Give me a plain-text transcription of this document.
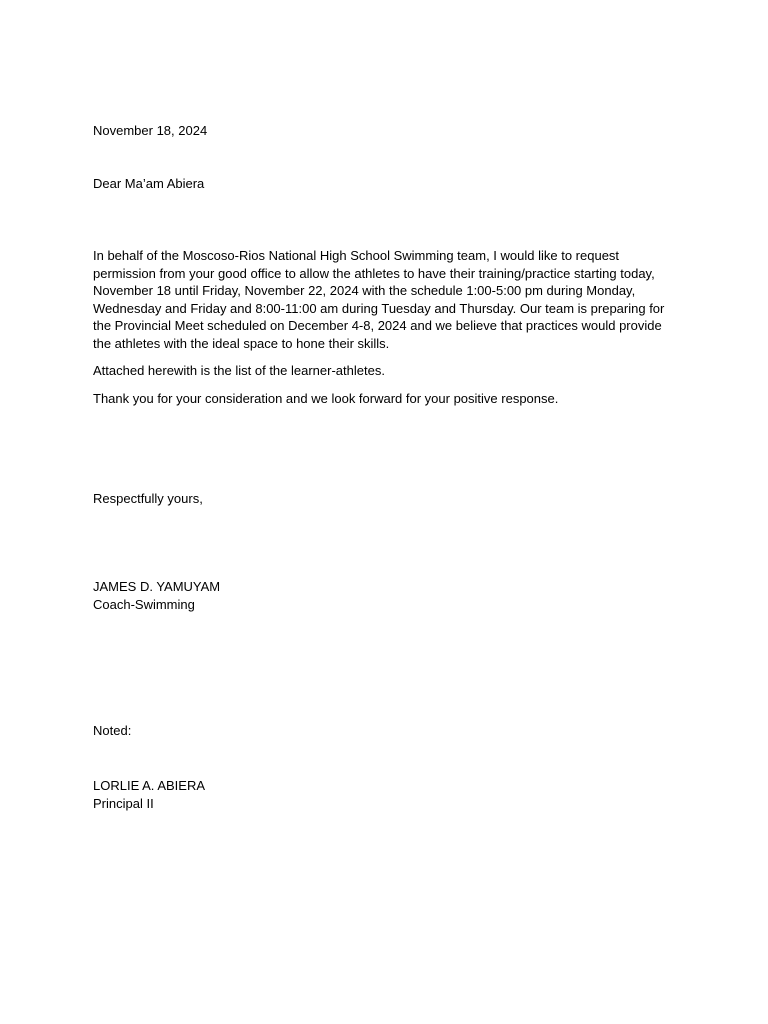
November 18, 2024
Dear Ma’am Abiera
In behalf of the Moscoso-Rios National High School Swimming team, I would like to request permission from your good office to allow the athletes to have their training/practice starting today, November 18 until Friday, November 22, 2024 with the schedule 1:00-5:00 pm during Monday, Wednesday and Friday and 8:00-11:00 am during Tuesday and Thursday. Our team is preparing for the Provincial Meet scheduled on December 4-8, 2024 and we believe that practices would provide the athletes with the ideal space to hone their skills.
Attached herewith is the list of the learner-athletes.
Thank you for your consideration and we look forward for your positive response.
Respectfully yours,
JAMES D. YAMUYAM
Coach-Swimming
Noted:
LORLIE A. ABIERA
Principal II
